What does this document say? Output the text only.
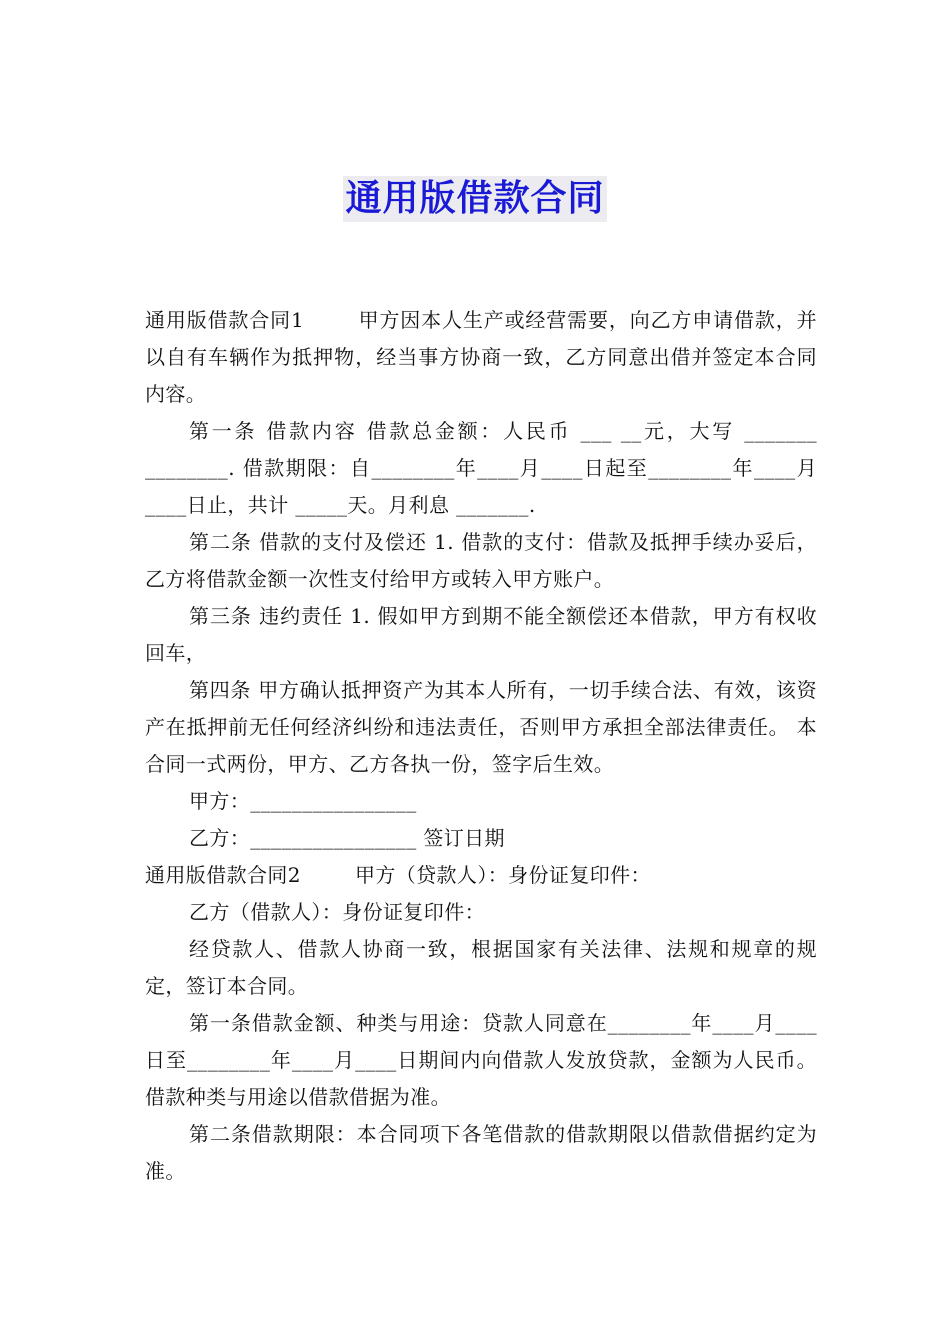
通用版借款合同

通用版借款合同1	甲方因本人生产或经营需要，向乙方申请借款，并以自有车辆作为抵押物，经当事方协商一致，乙方同意出借并签定本合同内容。

第一条 借款内容 借款总金额：人民币 ___ __元，大写 _______ ________. 借款期限：自________年____月____日起至________年____月____日止，共计 _____天。月利息 _______.

第二条 借款的支付及偿还 1. 借款的支付：借款及抵押手续办妥后，乙方将借款金额一次性支付给甲方或转入甲方账户。

第三条 违约责任 1. 假如甲方到期不能全额偿还本借款，甲方有权收回车，

第四条 甲方确认抵押资产为其本人所有，一切手续合法、有效，该资产在抵押前无任何经济纠纷和违法责任，否则甲方承担全部法律责任。 本合同一式两份，甲方、乙方各执一份，签字后生效。

甲方：________________

乙方：________________ 签订日期

通用版借款合同2	甲方（贷款人）：身份证复印件：

乙方（借款人）：身份证复印件：

经贷款人、借款人协商一致，根据国家有关法律、法规和规章的规定，签订本合同。

第一条借款金额、种类与用途：贷款人同意在________年____月____日至________年____月____日期间内向借款人发放贷款，金额为人民币。借款种类与用途以借款借据为准。

第二条借款期限：本合同项下各笔借款的借款期限以借款借据约定为准。
